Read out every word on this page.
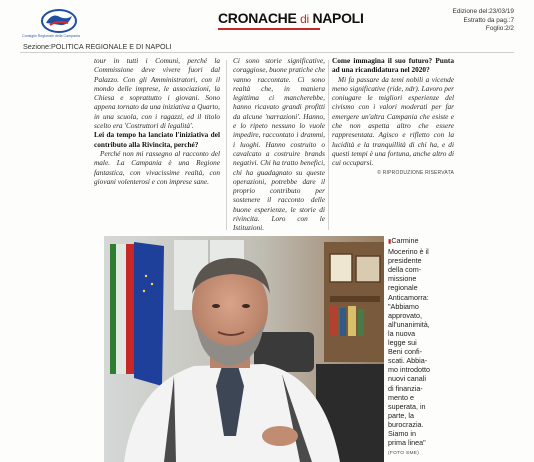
Consiglio Regionale della Campania
Sezione:POLITICA REGIONALE E DI NAPOLI
CRONACHE di NAPOLI	Edizione del:23/03/19
Estratto da pag.:7
Foglio:2/2

tour in tutti i Comuni, perché la Commissione deve vivere fuori dal Palazzo. Con gli Amministratori, con il mondo delle imprese, le associazioni, la Chiesa e soprattutto i giovani. Sono appena tornato da una iniziativa a Quarto, in una scuola, con i ragazzi, ed il titolo scelto era 'Costruttori di legalità'.

Lei da tempo ha lanciato l'iniziativa del contributo alla Rivincita, perché?

Perché non mi rassegno al racconto del male. La Campania è una Regione fantastica, con vivacissime realtà, con giovani volenterosi e con imprese sane.

Ci sono storie significative, coraggiose, buone pratiche che vanno raccontate. Ci sono realtà che, in maniera legittima ci mancherebbe, hanno ricavato grandi profitti da alcune 'narrazioni'. Hanno, e lo ripeto nessuno lo vuole impedire, raccontato i drammi, i luoghi. Hanno costruito o cavalcato a costruire brands negativi. Chi ha tratto benefici, chi ha guadagnato su queste operazioni, potrebbe dare il proprio contributo per sostenere il racconto delle buone esperienze, le storie di rivincita. Loro con le Istituzioni.

Come immagina il suo futuro? Punta ad una ricandidatura nel 2020?

Mi fa passare da temi nobili a vicende meno significative (ride, ndr). Lavoro per coniugare le migliori esperienze del civismo con i valori moderati per far emergere un'altra Campania che esiste e che non aspetta altro che essere rappresentata. Agisco e rifletto con la lucidità e la tranquillità di chi ha, e di questi tempi è una fortuna, anche altro di cui occuparsi.

© RIPRODUZIONE RISERVATA
▮Carmine
Mocerino è il
presidente
della com-
missione
regionale
Anticamorra:
"Abbiamo
approvato,
all'unanimità,
la nuova
legge sui
Beni confi-
scati. Abbia-
mo introdotto
nuovi canali
di finanzia-
mento e
superata, in
parte, la
burocrazia.
Siamo in
prima linea"
(FOTO SME)
